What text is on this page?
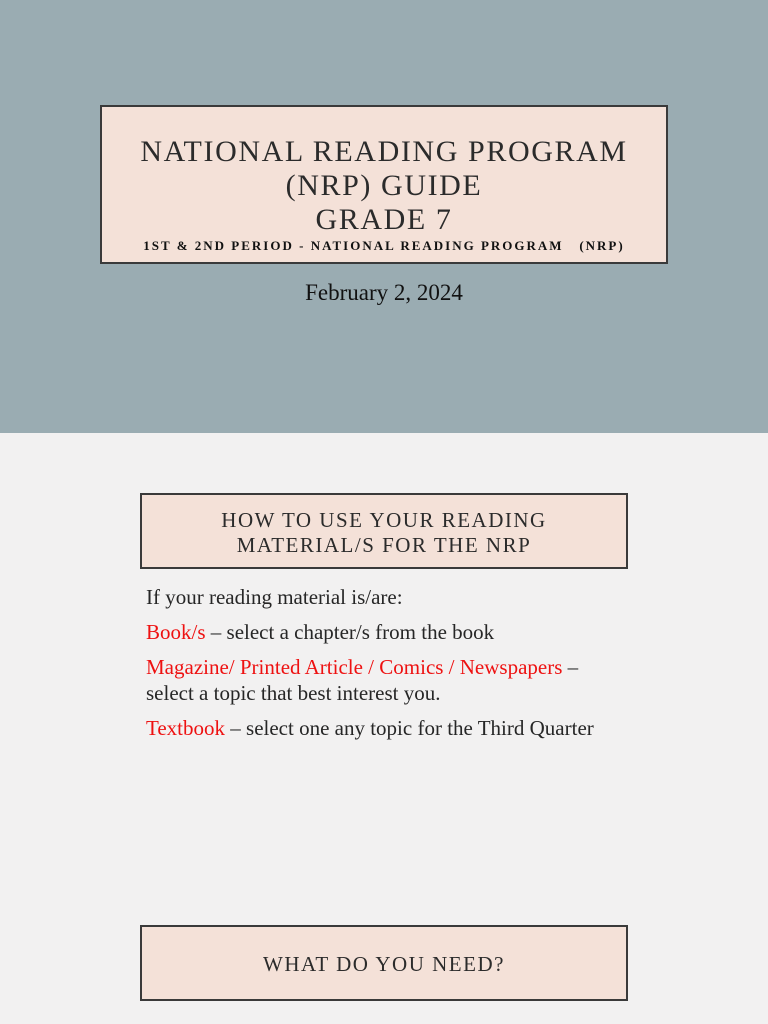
NATIONAL READING PROGRAM
(NRP) GUIDE
GRADE 7
1ST & 2ND PERIOD - NATIONAL READING PROGRAM   (NRP)
February 2, 2024
HOW TO USE YOUR READING
MATERIAL/S FOR THE NRP

If your reading material is/are:

Book/s – select a chapter/s from the book

Magazine/ Printed Article / Comics / Newspapers – select a topic that best interest you.

Textbook – select one any topic for the Third Quarter

WHAT DO YOU NEED?
